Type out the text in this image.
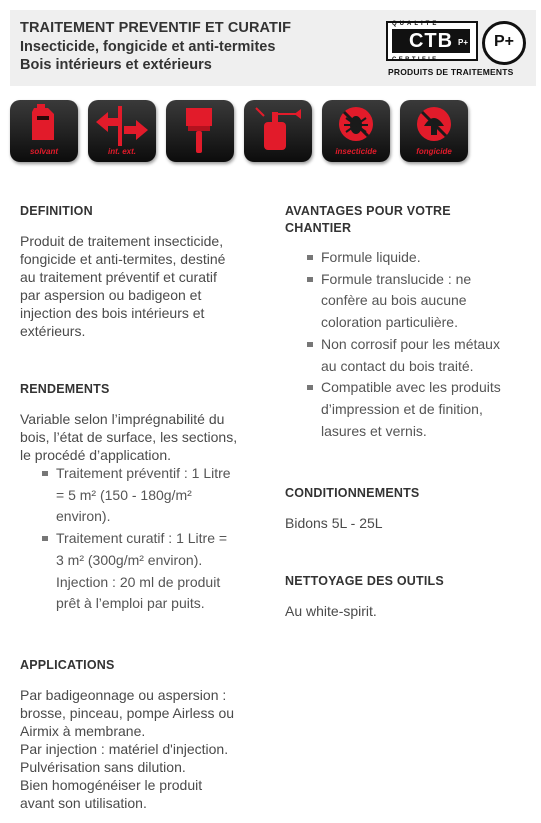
TRAITEMENT PREVENTIF ET CURATIF
Insecticide, fongicide et anti-termites
Bois intérieurs et extérieurs
QUALITE
CTB P+
CERTIFIE
P+
PRODUITS DE TRAITEMENTS
solvant	int. ext.	insecticide	fongicide
DEFINITION
Produit de traitement insecticide,
fongicide et anti-termites, destiné
au traitement préventif et curatif
par aspersion ou badigeon et
injection des bois intérieurs et
extérieurs.
RENDEMENTS
Variable selon l’imprégnabilité du
bois, l’état de surface, les sections,
le procédé d’application.
Traitement préventif : 1 Litre
= 5 m² (150 - 180g/m²
environ).
Traitement curatif : 1 Litre =
3 m² (300g/m² environ).
Injection : 20 ml de produit
prêt à l’emploi par puits.
APPLICATIONS
Par badigeonnage ou aspersion :
brosse, pinceau, pompe Airless ou
Airmix à membrane.
Par injection : matériel d'injection.
Pulvérisation sans dilution.
Bien homogénéiser le produit
avant son utilisation.
AVANTAGES POUR VOTRE
CHANTIER
Formule liquide.
Formule translucide : ne
confère au bois aucune
coloration particulière.
Non corrosif pour les métaux
au contact du bois traité.
Compatible avec les produits
d’impression et de finition,
lasures et vernis.
CONDITIONNEMENTS
Bidons 5L - 25L
NETTOYAGE DES OUTILS
Au white-spirit.
